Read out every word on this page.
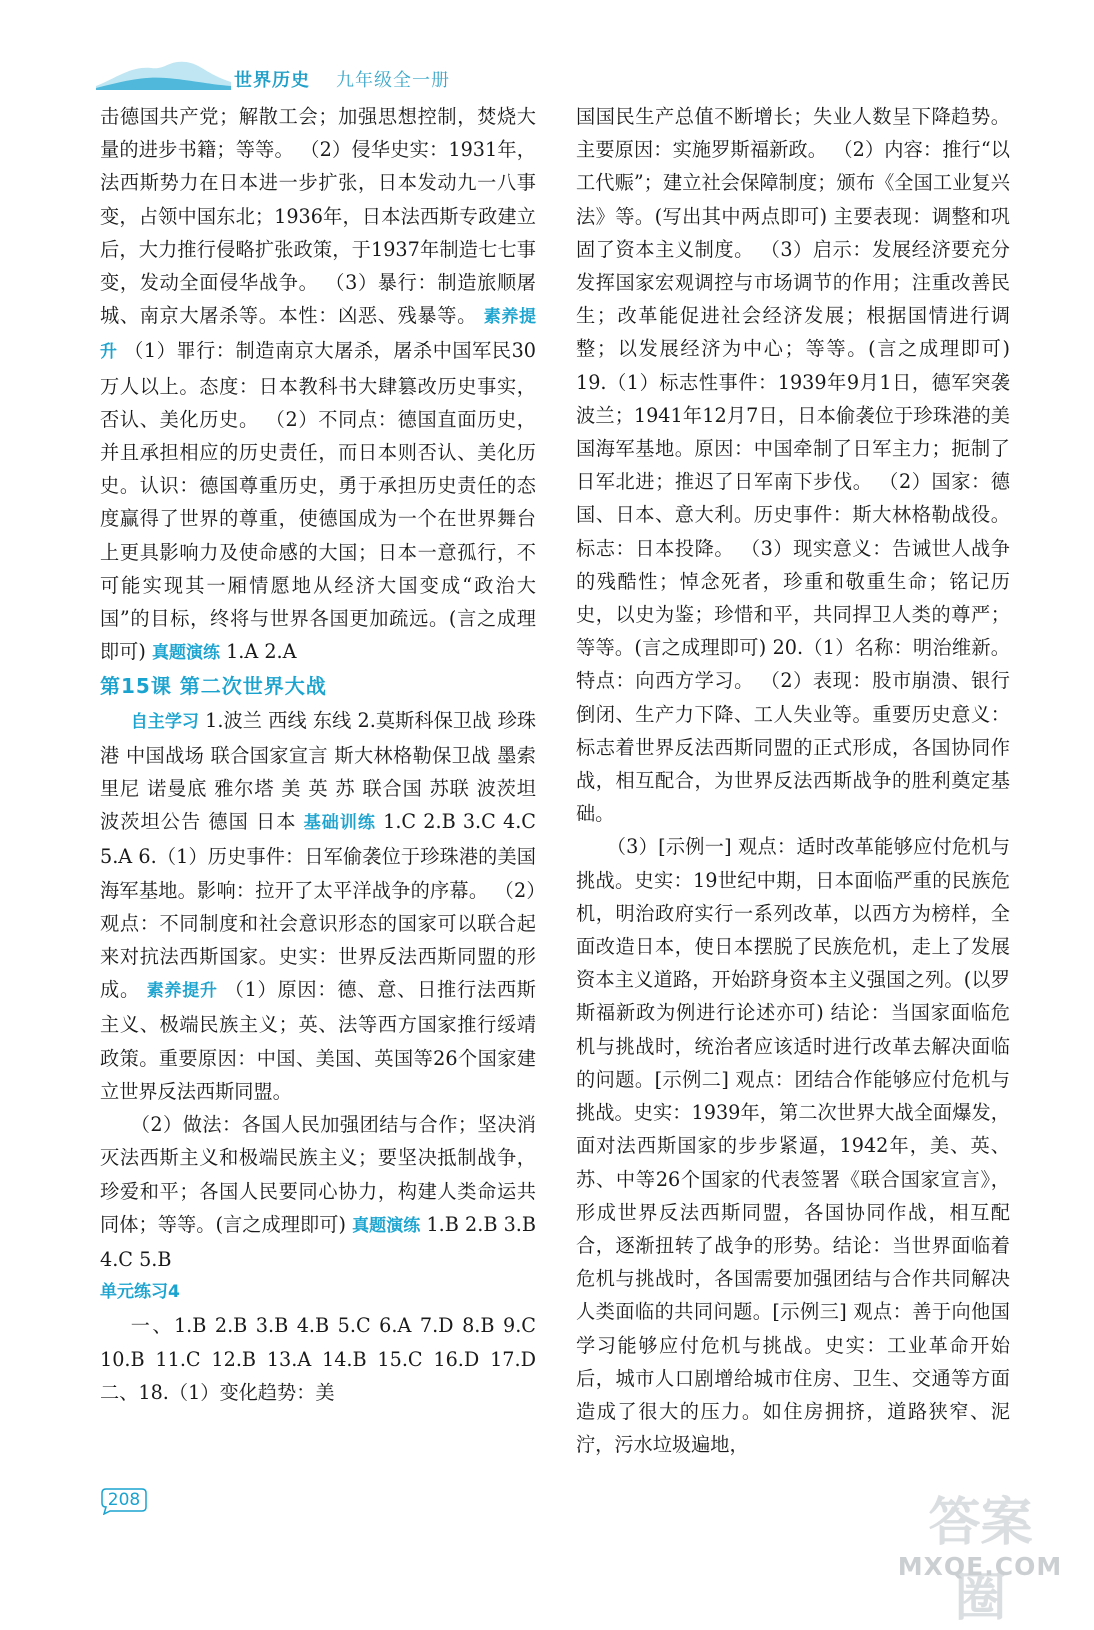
世界历史 九年级全一册

击德国共产党；解散工会；加强思想控制，焚烧大量的进步书籍；等等。 （2）侵华史实：1931年，法西斯势力在日本进一步扩张，日本发动九一八事变，占领中国东北；1936年，日本法西斯专政建立后，大力推行侵略扩张政策，于1937年制造七七事变，发动全面侵华战争。 （3）暴行：制造旅顺屠城、南京大屠杀等。本性：凶恶、残暴等。 素养提升 （1）罪行：制造南京大屠杀，屠杀中国军民30万人以上。态度：日本教科书大肆篡改历史事实，否认、美化历史。 （2）不同点：德国直面历史，并且承担相应的历史责任，而日本则否认、美化历史。认识：德国尊重历史，勇于承担历史责任的态度赢得了世界的尊重，使德国成为一个在世界舞台上更具影响力及使命感的大国；日本一意孤行，不可能实现其一厢情愿地从经济大国变成“政治大国”的目标，终将与世界各国更加疏远。(言之成理即可) 真题演练 1.A 2.A

第15课 第二次世界大战

自主学习 1.波兰 西线 东线 2.莫斯科保卫战 珍珠港 中国战场 联合国家宣言 斯大林格勒保卫战 墨索里尼 诺曼底 雅尔塔 美 英 苏 联合国 苏联 波茨坦 波茨坦公告 德国 日本 基础训练 1.C 2.B 3.C 4.C 5.A 6.（1）历史事件：日军偷袭位于珍珠港的美国海军基地。影响：拉开了太平洋战争的序幕。 （2）观点：不同制度和社会意识形态的国家可以联合起来对抗法西斯国家。史实：世界反法西斯同盟的形成。 素养提升 （1）原因：德、意、日推行法西斯主义、极端民族主义；英、法等西方国家推行绥靖政策。重要原因：中国、美国、英国等26个国家建立世界反法西斯同盟。

（2）做法：各国人民加强团结与合作；坚决消灭法西斯主义和极端民族主义；要坚决抵制战争，珍爱和平；各国人民要同心协力，构建人类命运共同体；等等。(言之成理即可) 真题演练 1.B 2.B 3.B 4.C 5.B

单元练习4

一、1.B 2.B 3.B 4.B 5.C 6.A 7.D 8.B 9.C 10.B 11.C 12.B 13.A 14.B 15.C 16.D 17.D 二、18.（1）变化趋势：美

国国民生产总值不断增长；失业人数呈下降趋势。主要原因：实施罗斯福新政。 （2）内容：推行“以工代赈”；建立社会保障制度；颁布《全国工业复兴法》等。(写出其中两点即可) 主要表现：调整和巩固了资本主义制度。 （3）启示：发展经济要充分发挥国家宏观调控与市场调节的作用；注重改善民生；改革能促进社会经济发展；根据国情进行调整；以发展经济为中心；等等。(言之成理即可) 19.（1）标志性事件：1939年9月1日，德军突袭波兰；1941年12月7日，日本偷袭位于珍珠港的美国海军基地。原因：中国牵制了日军主力；扼制了日军北进；推迟了日军南下步伐。 （2）国家：德国、日本、意大利。历史事件：斯大林格勒战役。标志：日本投降。 （3）现实意义：告诫世人战争的残酷性；悼念死者，珍重和敬重生命；铭记历史，以史为鉴；珍惜和平，共同捍卫人类的尊严；等等。(言之成理即可) 20.（1）名称：明治维新。特点：向西方学习。 （2）表现：股市崩溃、银行倒闭、生产力下降、工人失业等。重要历史意义：标志着世界反法西斯同盟的正式形成，各国协同作战，相互配合，为世界反法西斯战争的胜利奠定基础。

（3）[示例一] 观点：适时改革能够应付危机与挑战。史实：19世纪中期，日本面临严重的民族危机，明治政府实行一系列改革，以西方为榜样，全面改造日本，使日本摆脱了民族危机，走上了发展资本主义道路，开始跻身资本主义强国之列。(以罗斯福新政为例进行论述亦可) 结论：当国家面临危机与挑战时，统治者应该适时进行改革去解决面临的问题。[示例二] 观点：团结合作能够应付危机与挑战。史实：1939年，第二次世界大战全面爆发，面对法西斯国家的步步紧逼，1942年，美、英、苏、中等26个国家的代表签署《联合国家宣言》，形成世界反法西斯同盟，各国协同作战，相互配合，逐渐扭转了战争的形势。结论：当世界面临着危机与挑战时，各国需要加强团结与合作共同解决人类面临的共同问题。[示例三] 观点：善于向他国学习能够应付危机与挑战。史实：工业革命开始后，城市人口剧增给城市住房、卫生、交通等方面造成了很大的压力。如住房拥挤，道路狭窄、泥泞，污水垃圾遍地，

208	答案圈
MXQE.COM
